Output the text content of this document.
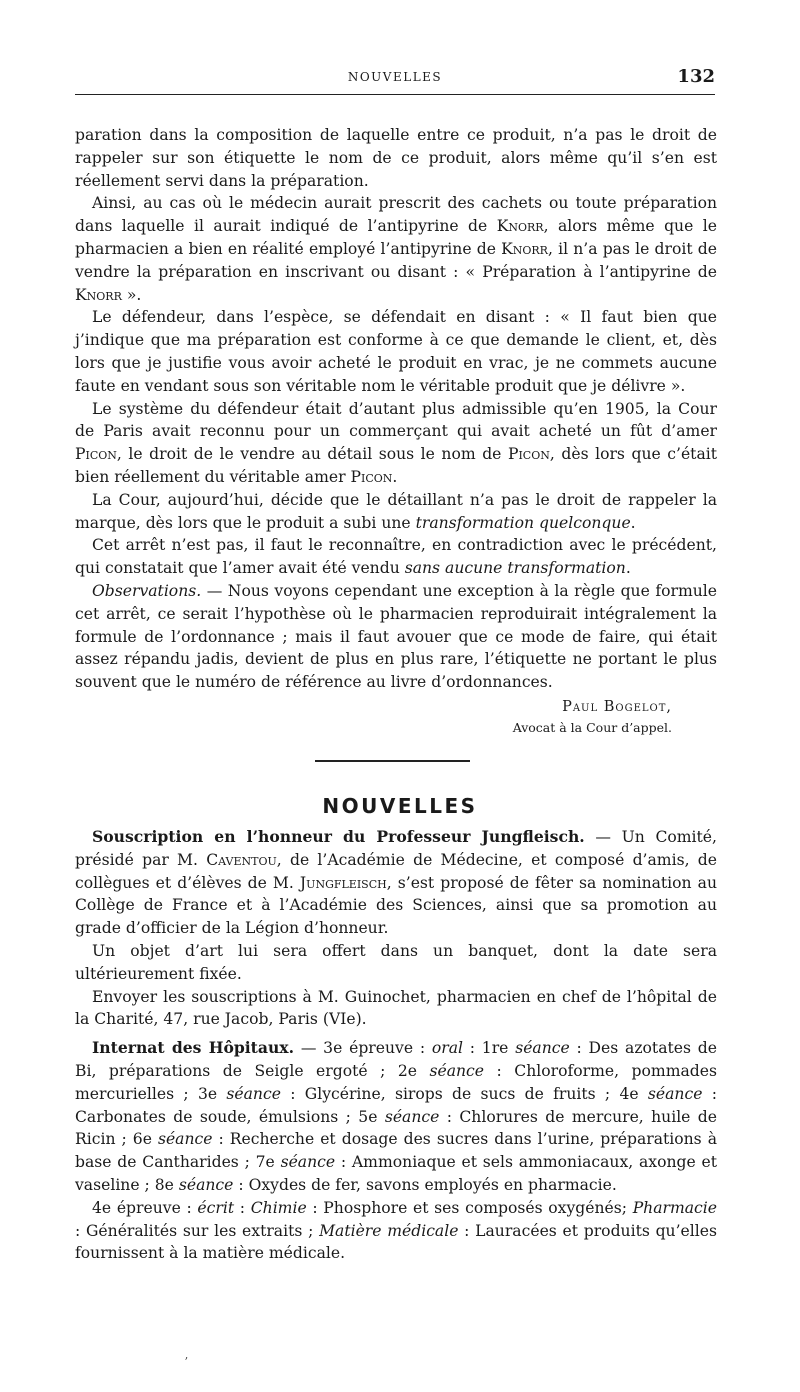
NOUVELLES	132

paration dans la composition de laquelle entre ce produit, n’a pas le droit de rappeler sur son étiquette le nom de ce produit, alors même qu’il s’en est réellement servi dans la préparation.

Ainsi, au cas où le médecin aurait prescrit des cachets ou toute préparation dans laquelle il aurait indiqué de l’antipyrine de Knorr, alors même que le pharmacien a bien en réalité employé l’antipyrine de Knorr, il n’a pas le droit de vendre la préparation en inscrivant ou disant : « Préparation à l’antipyrine de Knorr ».

Le défendeur, dans l’espèce, se défendait en disant : « Il faut bien que j’indique que ma préparation est conforme à ce que demande le client, et, dès lors que je justifie vous avoir acheté le produit en vrac, je ne commets aucune faute en vendant sous son véritable nom le véritable produit que je délivre ».

Le système du défendeur était d’autant plus admissible qu’en 1905, la Cour de Paris avait reconnu pour un commerçant qui avait acheté un fût d’amer Picon, le droit de le vendre au détail sous le nom de Picon, dès lors que c’était bien réellement du véritable amer Picon.

La Cour, aujourd’hui, décide que le détaillant n’a pas le droit de rappeler la marque, dès lors que le produit a subi une transformation quelconque.

Cet arrêt n’est pas, il faut le reconnaître, en contradiction avec le précédent, qui constatait que l’amer avait été vendu sans aucune transformation.

Observations. — Nous voyons cependant une exception à la règle que formule cet arrêt, ce serait l’hypothèse où le pharmacien reproduirait intégralement la formule de l’ordonnance ; mais il faut avouer que ce mode de faire, qui était assez répandu jadis, devient de plus en plus rare, l’étiquette ne portant le plus souvent que le numéro de référence au livre d’ordonnances.

Paul Bogelot,
Avocat à la Cour d’appel.
NOUVELLES

Souscription en l’honneur du Professeur Jungfleisch. — Un Comité, présidé par M. Caventou, de l’Académie de Médecine, et composé d’amis, de collègues et d’élèves de M. Jungfleisch, s’est proposé de fêter sa nomination au Collège de France et à l’Académie des Sciences, ainsi que sa promotion au grade d’officier de la Légion d’honneur.

Un objet d’art lui sera offert dans un banquet, dont la date sera ultérieurement fixée.

Envoyer les souscriptions à M. Guinochet, pharmacien en chef de l’hôpital de la Charité, 47, rue Jacob, Paris (VIe).

Internat des Hôpitaux. — 3e épreuve : oral : 1re séance : Des azotates de Bi, préparations de Seigle ergoté ; 2e séance : Chloroforme, pommades mercurielles ; 3e séance : Glycérine, sirops de sucs de fruits ; 4e séance : Carbonates de soude, émulsions ; 5e séance : Chlorures de mercure, huile de Ricin ; 6e séance : Recherche et dosage des sucres dans l’urine, préparations à base de Cantharides ; 7e séance : Ammoniaque et sels ammoniacaux, axonge et vaseline ; 8e séance : Oxydes de fer, savons employés en pharmacie.

4e épreuve : écrit : Chimie : Phosphore et ses composés oxygénés; Pharmacie : Généralités sur les extraits ; Matière médicale : Lauracées et produits qu’elles fournissent à la matière médicale.

ʼ
